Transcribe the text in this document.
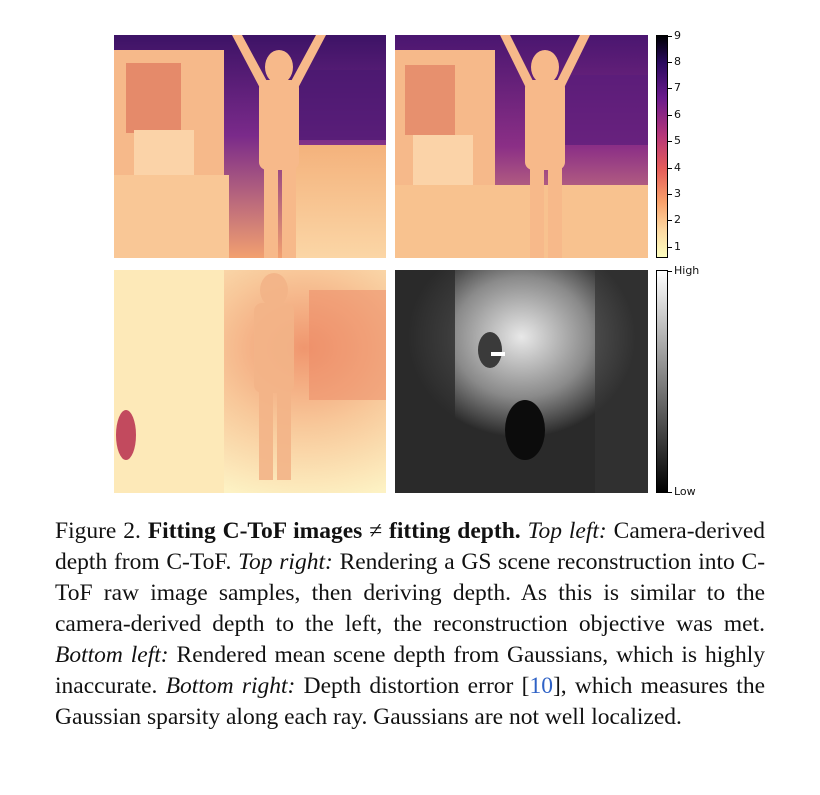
9
8
7
6
5
4
3
2
1
High
Low
Figure 2. Fitting C-ToF images ≠ fitting depth. Top left: Camera-derived depth from C-ToF. Top right: Rendering a GS scene reconstruction into C-ToF raw image samples, then deriving depth. As this is similar to the camera-derived depth to the left, the reconstruction objective was met. Bottom left: Rendered mean scene depth from Gaussians, which is highly inaccurate. Bottom right: Depth distortion error [10], which measures the Gaussian sparsity along each ray. Gaussians are not well localized.
